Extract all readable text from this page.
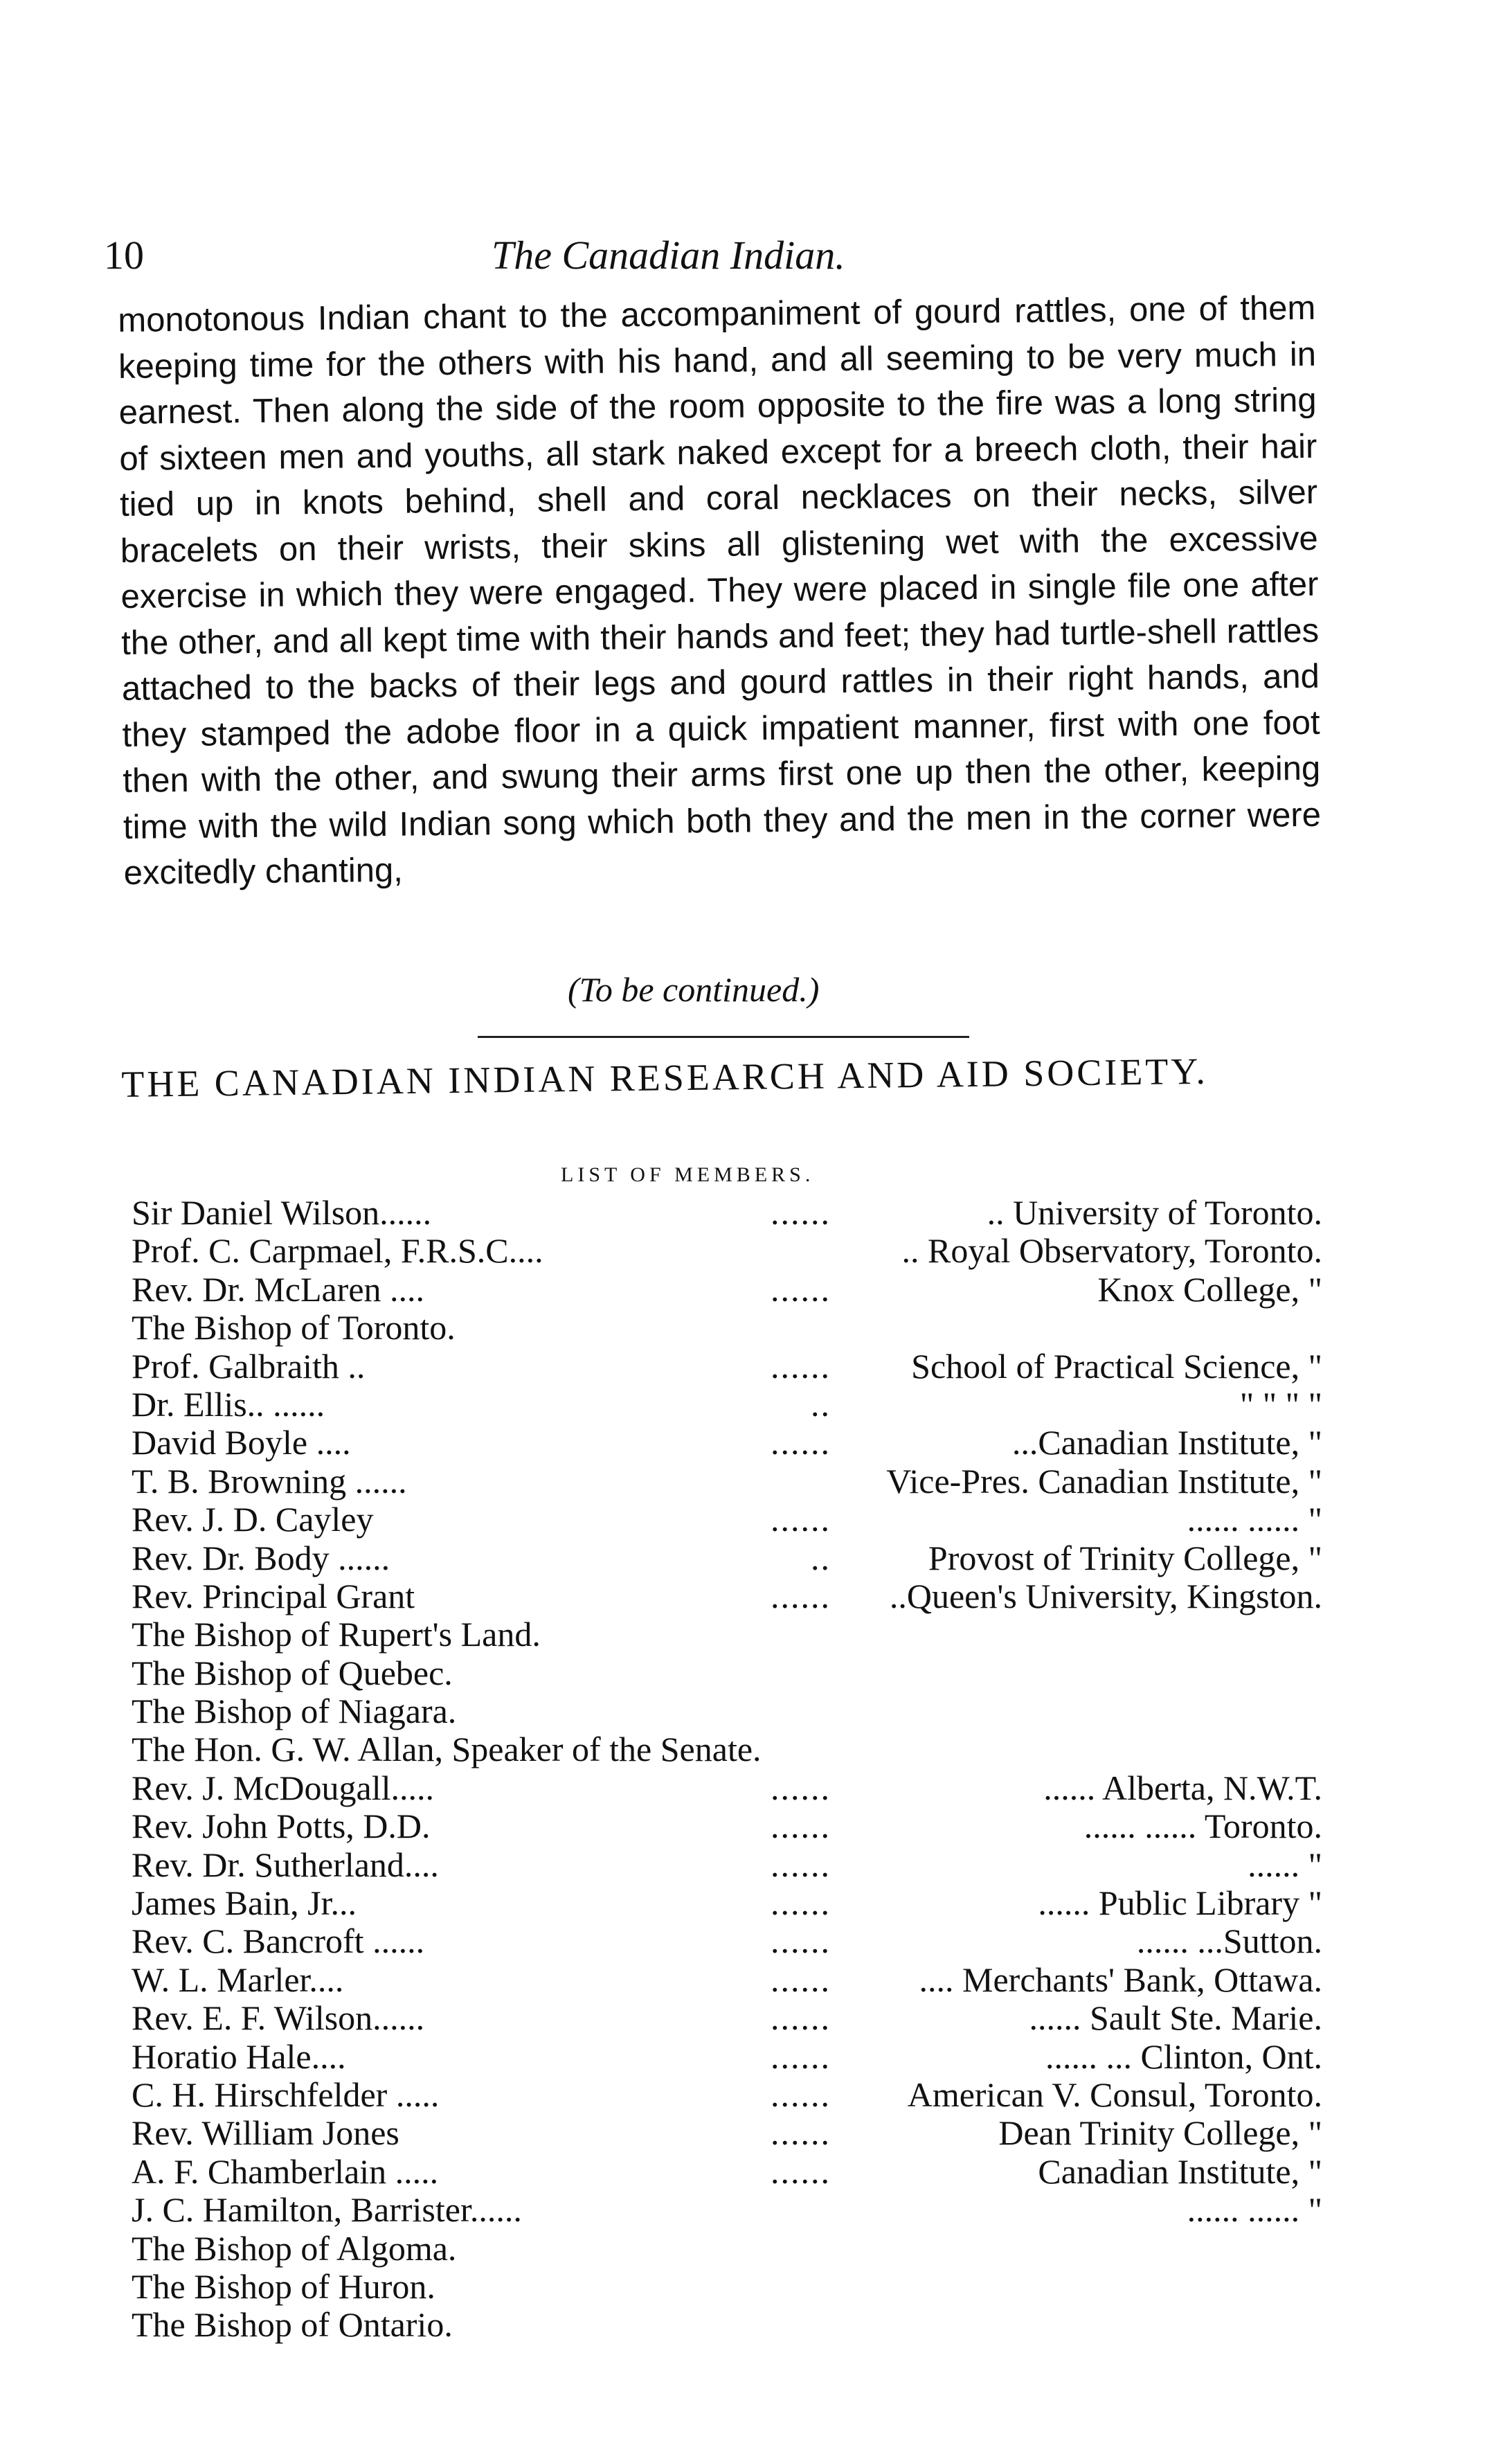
10	The Canadian Indian.
monotonous Indian chant to the accompaniment of gourd rattles, one of them keeping time for the others with his hand, and all seeming to be very much in earnest. Then along the side of the room opposite to the fire was a long string of sixteen men and youths, all stark naked except for a breech cloth, their hair tied up in knots behind, shell and coral necklaces on their necks, silver bracelets on their wrists, their skins all glistening wet with the excessive exercise in which they were engaged. They were placed in single file one after the other, and all kept time with their hands and feet; they had turtle-shell rattles attached to the backs of their legs and gourd rattles in their right hands, and they stamped the adobe floor in a quick impatient manner, first with one foot then with the other, and swung their arms first one up then the other, keeping time with the wild Indian song which both they and the men in the corner were excitedly chanting,
(To be continued.)
THE CANADIAN INDIAN RESEARCH AND AID SOCIETY.
LIST OF MEMBERS.
Sir Daniel Wilson......	......	.. University of Toronto.
Prof. C. Carpmael, F.R.S.C....	.. Royal Observatory, Toronto.
Rev. Dr. McLaren ....	......	Knox College, "
The Bishop of Toronto.
Prof. Galbraith ..	...... School of Practical Science, "
Dr. Ellis.. ......	..	" " " "
David Boyle ....	......	...Canadian Institute, "
T. B. Browning ......	Vice-Pres. Canadian Institute, "
Rev. J. D. Cayley	......	...... ...... "
Rev. Dr. Body ......	..	Provost of Trinity College, "
Rev. Principal Grant	...... ..Queen's University, Kingston.
The Bishop of Rupert's Land.
The Bishop of Quebec.
The Bishop of Niagara.
The Hon. G. W. Allan, Speaker of the Senate.
Rev. J. McDougall.....	......	...... Alberta, N.W.T.
Rev. John Potts, D.D.	......	...... ...... Toronto.
Rev. Dr. Sutherland....	......	...... "
James Bain, Jr...	......	...... Public Library "
Rev. C. Bancroft ......	......	...... ...Sutton.
W. L. Marler....	......	.... Merchants' Bank, Ottawa.
Rev. E. F. Wilson......	......	...... Sault Ste. Marie.
Horatio Hale....	......	...... ... Clinton, Ont.
C. H. Hirschfelder .....	...... American V. Consul, Toronto.
Rev. William Jones	......	Dean Trinity College, "
A. F. Chamberlain .....	......	Canadian Institute, "
J. C. Hamilton, Barrister......	...... ...... "
The Bishop of Algoma.
The Bishop of Huron.
The Bishop of Ontario.
